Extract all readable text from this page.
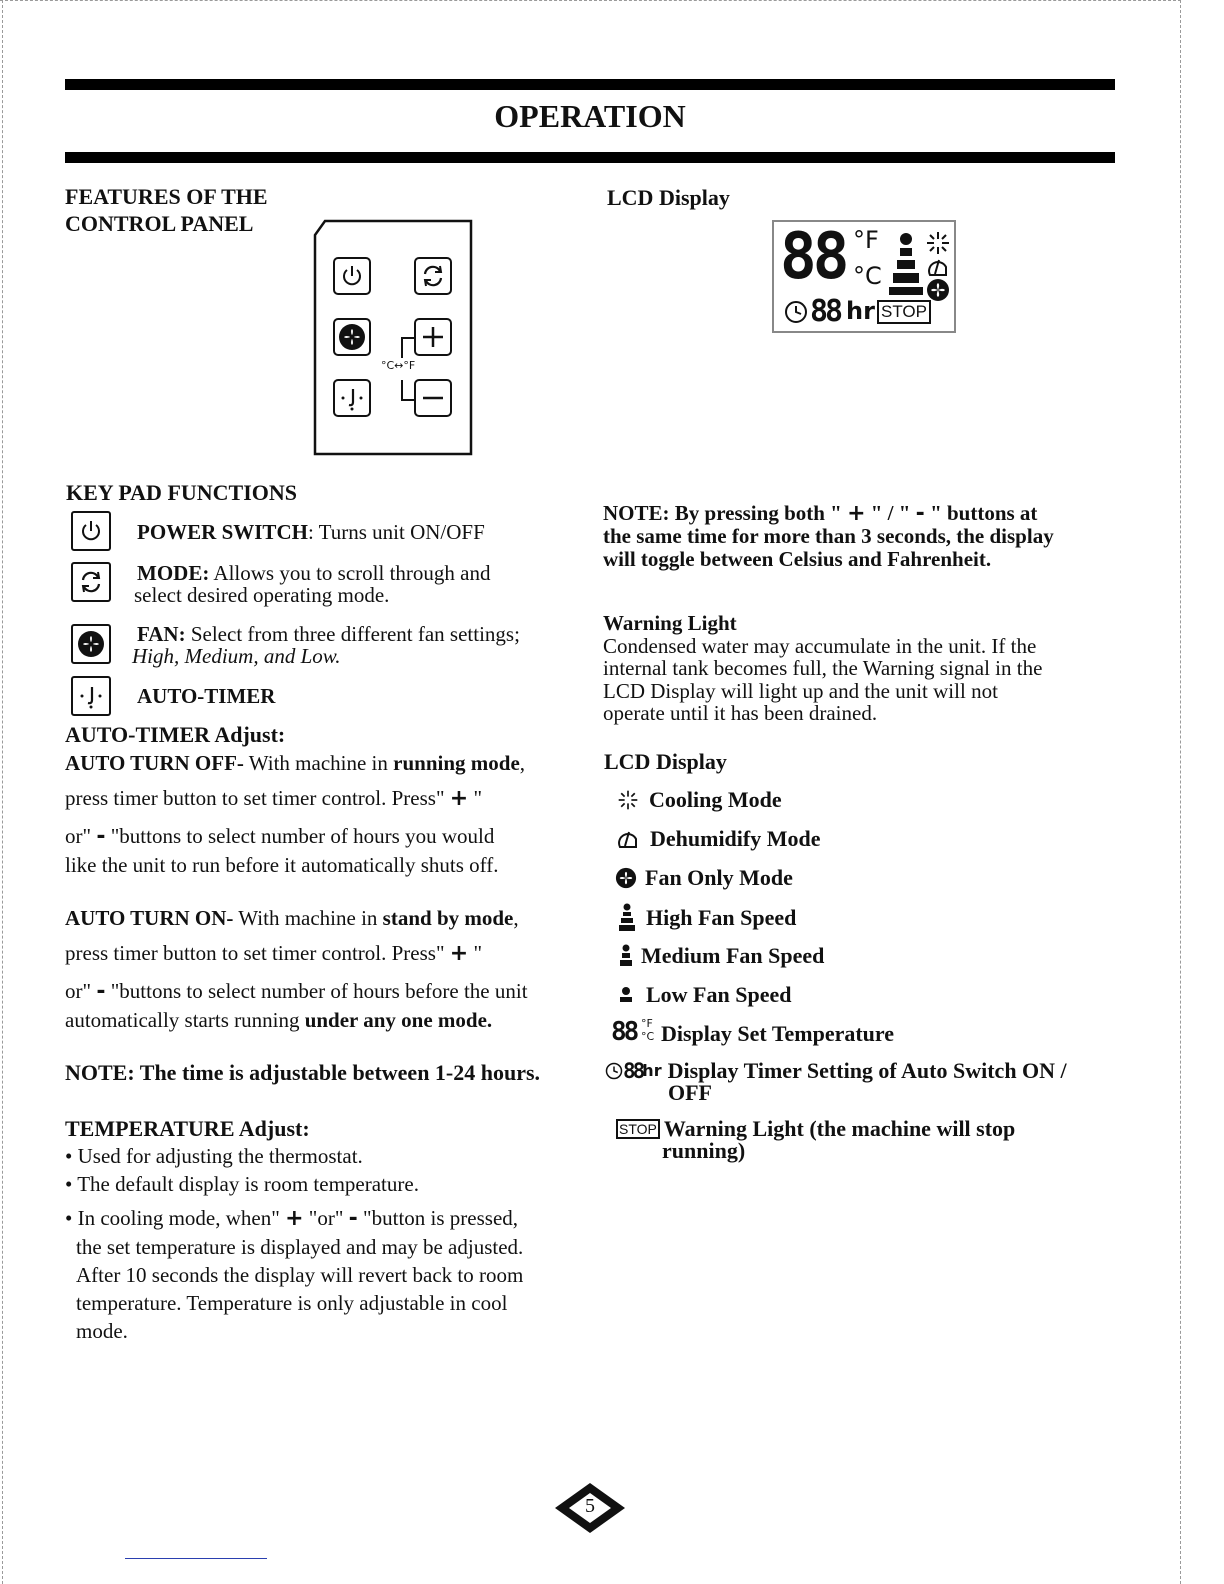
OPERATION
FEATURES OF THE
CONTROL PANEL
°C↔°F
KEY PAD FUNCTIONS
POWER SWITCH: Turns unit ON/OFF
MODE: Allows you to scroll through and
select desired operating mode.
FAN: Select from three different fan settings;
High, Medium, and Low.
AUTO-TIMER
AUTO-TIMER Adjust:
AUTO TURN OFF- With machine in running mode,
press timer button to set timer control. Press" + "
or" - "buttons to select number of hours you would
like the unit to run before it automatically shuts off.
AUTO TURN ON- With machine in stand by mode,
press timer button to set timer control. Press" + "
or" - "buttons to select number of hours before the unit
automatically starts running under any one mode.
NOTE: The time is adjustable between 1-24 hours.
TEMPERATURE Adjust:
• Used for adjusting the thermostat.
• The default display is room temperature.
• In cooling mode, when" + "or" - "button is pressed,
the set temperature is displayed and may be adjusted.
After 10 seconds the display will revert back to room
temperature. Temperature is only adjustable in cool
mode.
LCD Display
88 °F
°C
88 hr STOP
NOTE: By pressing both " + " / " - " buttons at
the same time for more than 3 seconds, the display
will toggle between Celsius and Fahrenheit.
Warning Light
Condensed water may accumulate in the unit. If the
internal tank becomes full, the Warning signal in the
LCD Display will light up and the unit will not
operate until it has been drained.
LCD Display
Cooling Mode
Dehumidify Mode
Fan Only Mode
High Fan Speed
Medium Fan Speed
Low Fan Speed
88 °F
°C Display Set Temperature
88 hr Display Timer Setting of Auto Switch ON /
OFF
STOP Warning Light (the machine will stop
running)
5
